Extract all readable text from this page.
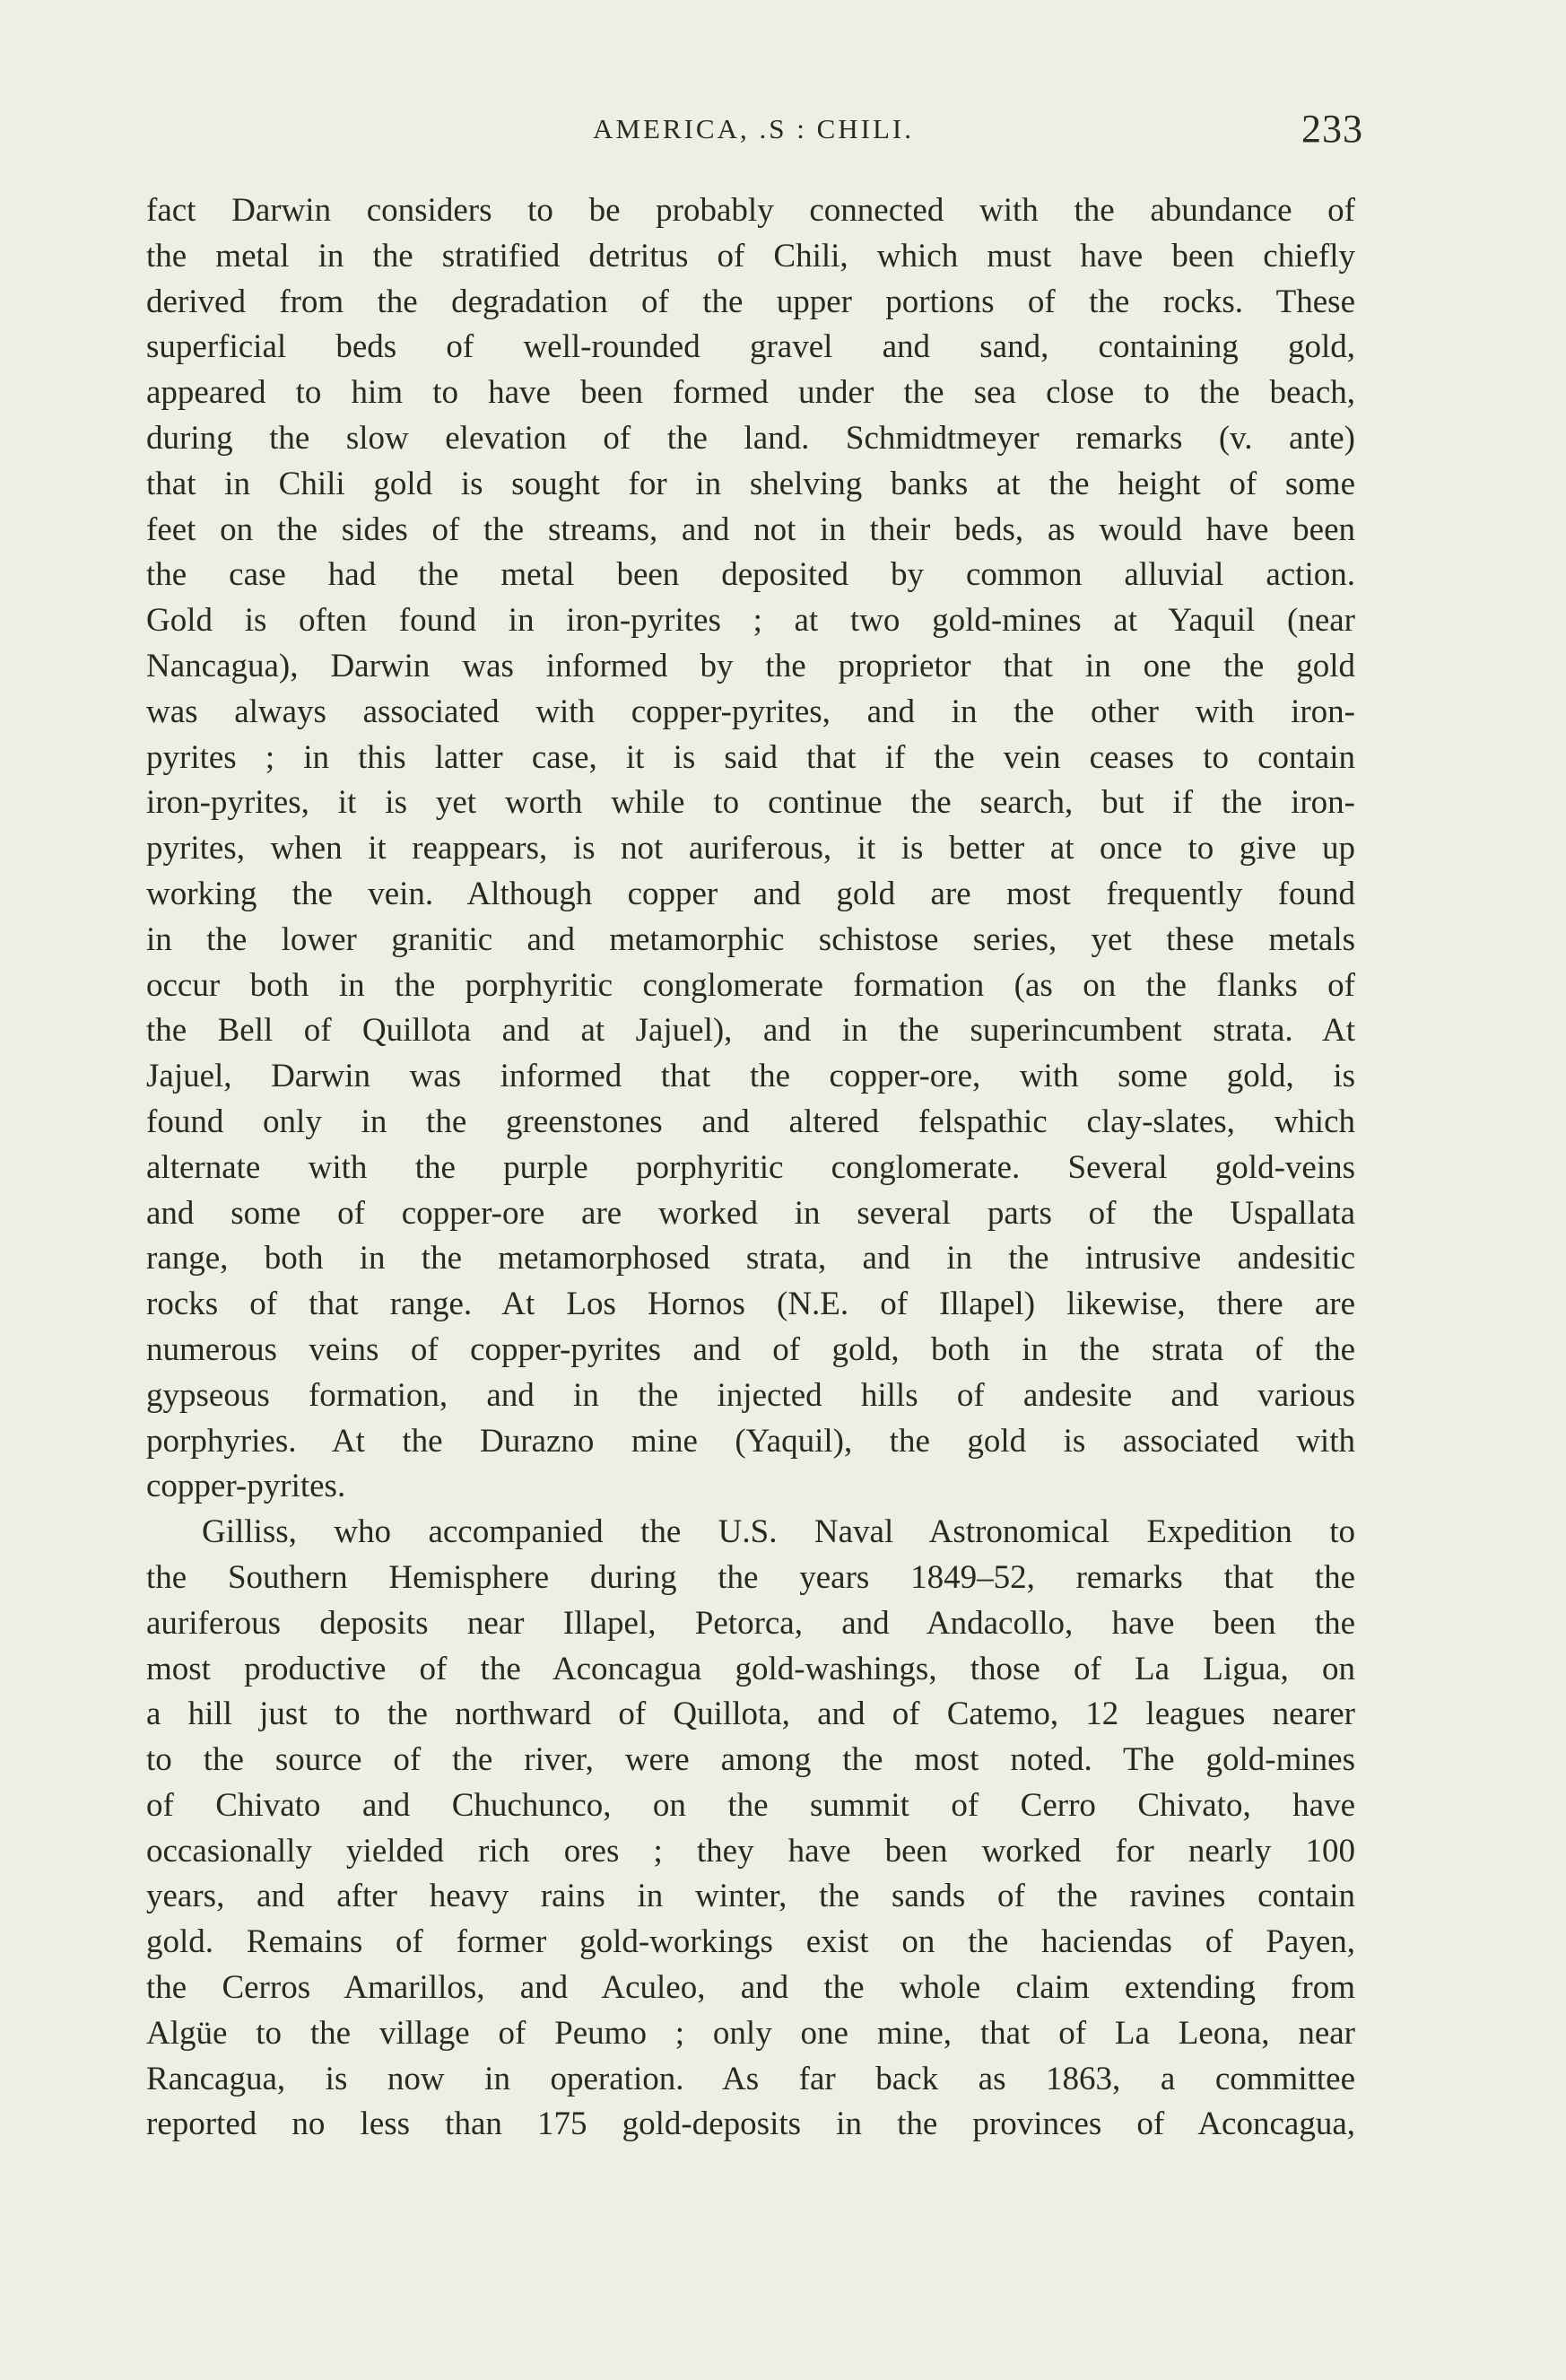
AMERICA, .S : CHILI.	233
fact Darwin considers to be probably connected with the abundance of
the metal in the stratified detritus of Chili, which must have been chiefly
derived from the degradation of the upper portions of the rocks. These
superficial beds of well-rounded gravel and sand, containing gold,
appeared to him to have been formed under the sea close to the beach,
during the slow elevation of the land. Schmidtmeyer remarks (v. ante)
that in Chili gold is sought for in shelving banks at the height of some
feet on the sides of the streams, and not in their beds, as would have been
the case had the metal been deposited by common alluvial action.
Gold is often found in iron-pyrites ; at two gold-mines at Yaquil (near
Nancagua), Darwin was informed by the proprietor that in one the gold
was always associated with copper-pyrites, and in the other with iron-
pyrites ; in this latter case, it is said that if the vein ceases to contain
iron-pyrites, it is yet worth while to continue the search, but if the iron-
pyrites, when it reappears, is not auriferous, it is better at once to give up
working the vein. Although copper and gold are most frequently found
in the lower granitic and metamorphic schistose series, yet these metals
occur both in the porphyritic conglomerate formation (as on the flanks of
the Bell of Quillota and at Jajuel), and in the superincumbent strata. At
Jajuel, Darwin was informed that the copper-ore, with some gold, is
found only in the greenstones and altered felspathic clay-slates, which
alternate with the purple porphyritic conglomerate. Several gold-veins
and some of copper-ore are worked in several parts of the Uspallata
range, both in the metamorphosed strata, and in the intrusive andesitic
rocks of that range. At Los Hornos (N.E. of Illapel) likewise, there are
numerous veins of copper-pyrites and of gold, both in the strata of the
gypseous formation, and in the injected hills of andesite and various
porphyries. At the Durazno mine (Yaquil), the gold is associated with
copper-pyrites.
Gilliss, who accompanied the U.S. Naval Astronomical Expedition to
the Southern Hemisphere during the years 1849–52, remarks that the
auriferous deposits near Illapel, Petorca, and Andacollo, have been the
most productive of the Aconcagua gold-washings, those of La Ligua, on
a hill just to the northward of Quillota, and of Catemo, 12 leagues nearer
to the source of the river, were among the most noted. The gold-mines
of Chivato and Chuchunco, on the summit of Cerro Chivato, have
occasionally yielded rich ores ; they have been worked for nearly 100
years, and after heavy rains in winter, the sands of the ravines contain
gold. Remains of former gold-workings exist on the haciendas of Payen,
the Cerros Amarillos, and Aculeo, and the whole claim extending from
Algüe to the village of Peumo ; only one mine, that of La Leona, near
Rancagua, is now in operation. As far back as 1863, a committee
reported no less than 175 gold-deposits in the provinces of Aconcagua,
